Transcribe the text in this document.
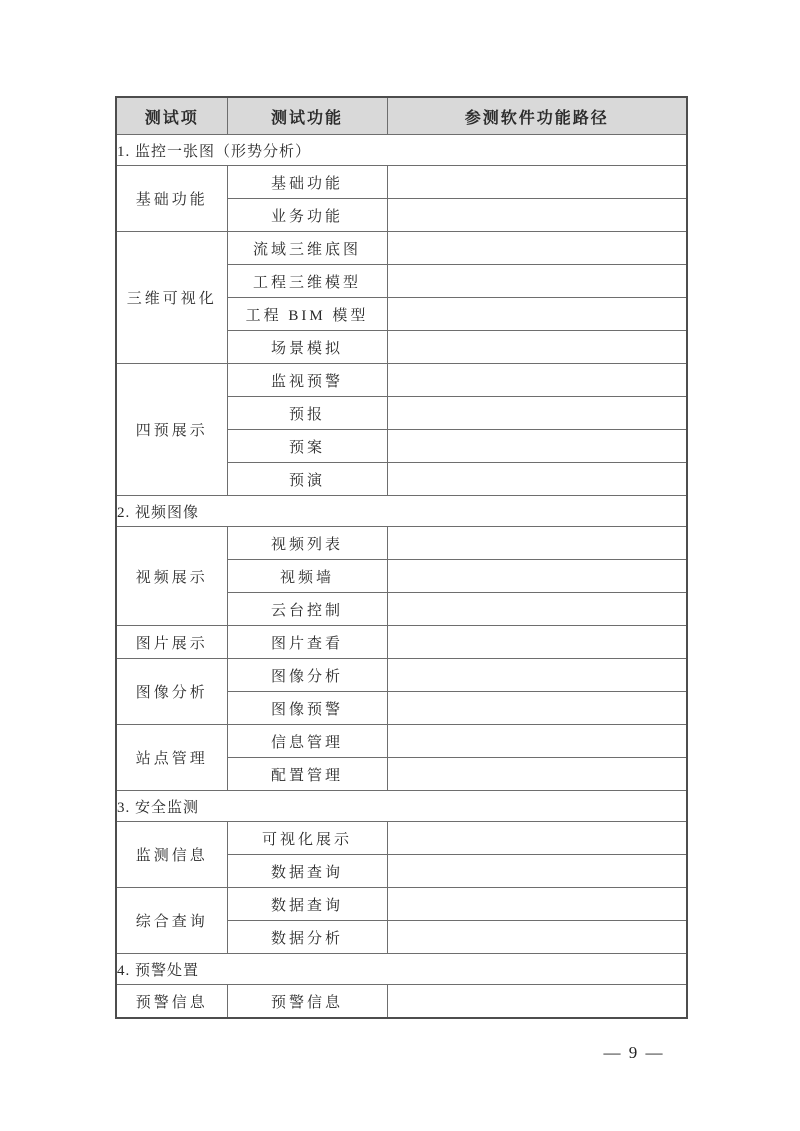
测试项	测试功能	参测软件功能路径
1. 监控一张图（形势分析）		
基础功能	基础功能	
	业务功能	
三维可视化	流域三维底图	
	工程三维模型	
	工程 BIM 模型	
	场景模拟	
四预展示	监视预警	
	预报	
	预案	
	预演	
2. 视频图像		
视频展示	视频列表	
	视频墙	
	云台控制	
图片展示	图片查看	
图像分析	图像分析	
	图像预警	
站点管理	信息管理	
	配置管理	
3. 安全监测		
监测信息	可视化展示	
	数据查询	
综合查询	数据查询	
	数据分析	
4. 预警处置		
预警信息	预警信息	
— 9 —
